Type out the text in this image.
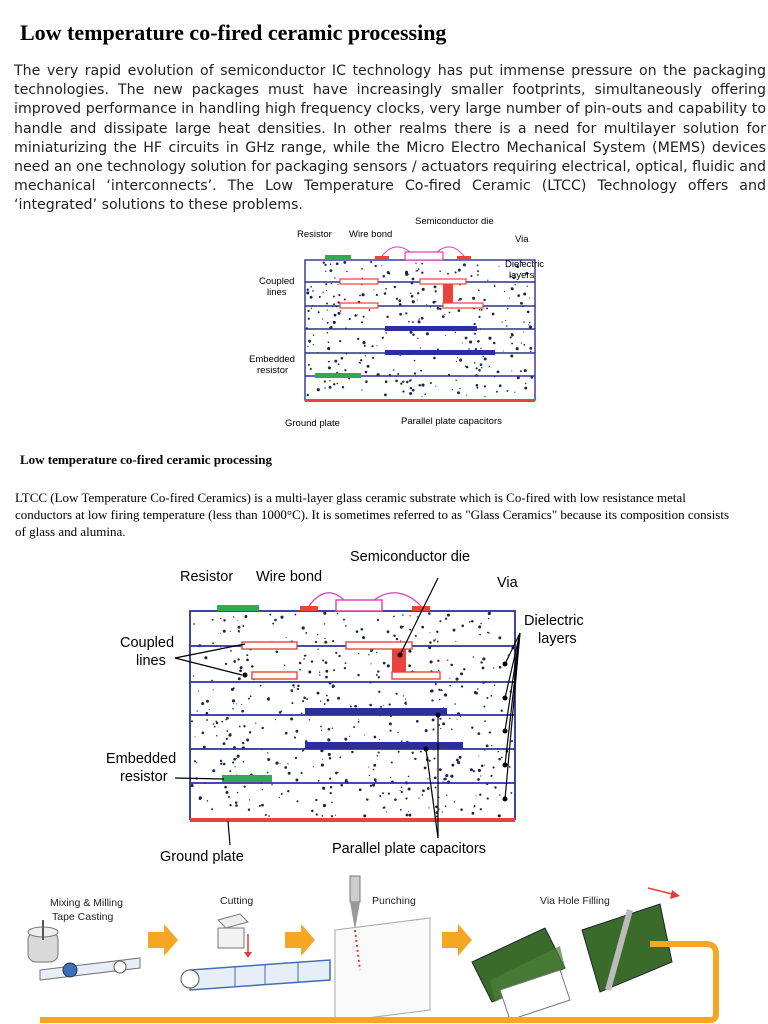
Low temperature co-fired ceramic processing

The very rapid evolution of semiconductor IC technology has put immense pressure on the packaging technologies. The new packages must have increasingly smaller footprints, simultaneously offering improved performance in handling high frequency clocks, very large number of pin-outs and capability to handle and dissipate large heat densities. In other realms there is a need for multilayer solution for miniaturizing the HF circuits in GHz range, while the Micro Electro Mechanical System (MEMS) devices need an one technology solution for packaging sensors / actuators requiring electrical, optical, fluidic and mechanical ‘interconnects’. The Low Temperature Co-fired Ceramic (LTCC) Technology offers and ‘integrated’ solutions to these problems.

Resistor Wire bond
Semiconductor die
Via
Dielectric
layers
Coupled
lines
Embedded
resistor
Ground plate	Parallel plate capacitors
Low temperature co-fired ceramic processing

LTCC (Low Temperature Co-fired Ceramics) is a multi-layer glass ceramic substrate which is Co-fired with low resistance metal conductors at low firing temperature (less than 1000°C). It is sometimes referred to as "Glass Ceramics" because its composition consists of glass and alumina.

Resistor Wire bond
Semiconductor die
Via
Dielectric
layers
Coupled
lines
Embedded
resistor
Ground plate	Parallel plate capacitors
Mixing & Milling
Tape Casting
Cutting	Punching	Via Hole Filling
